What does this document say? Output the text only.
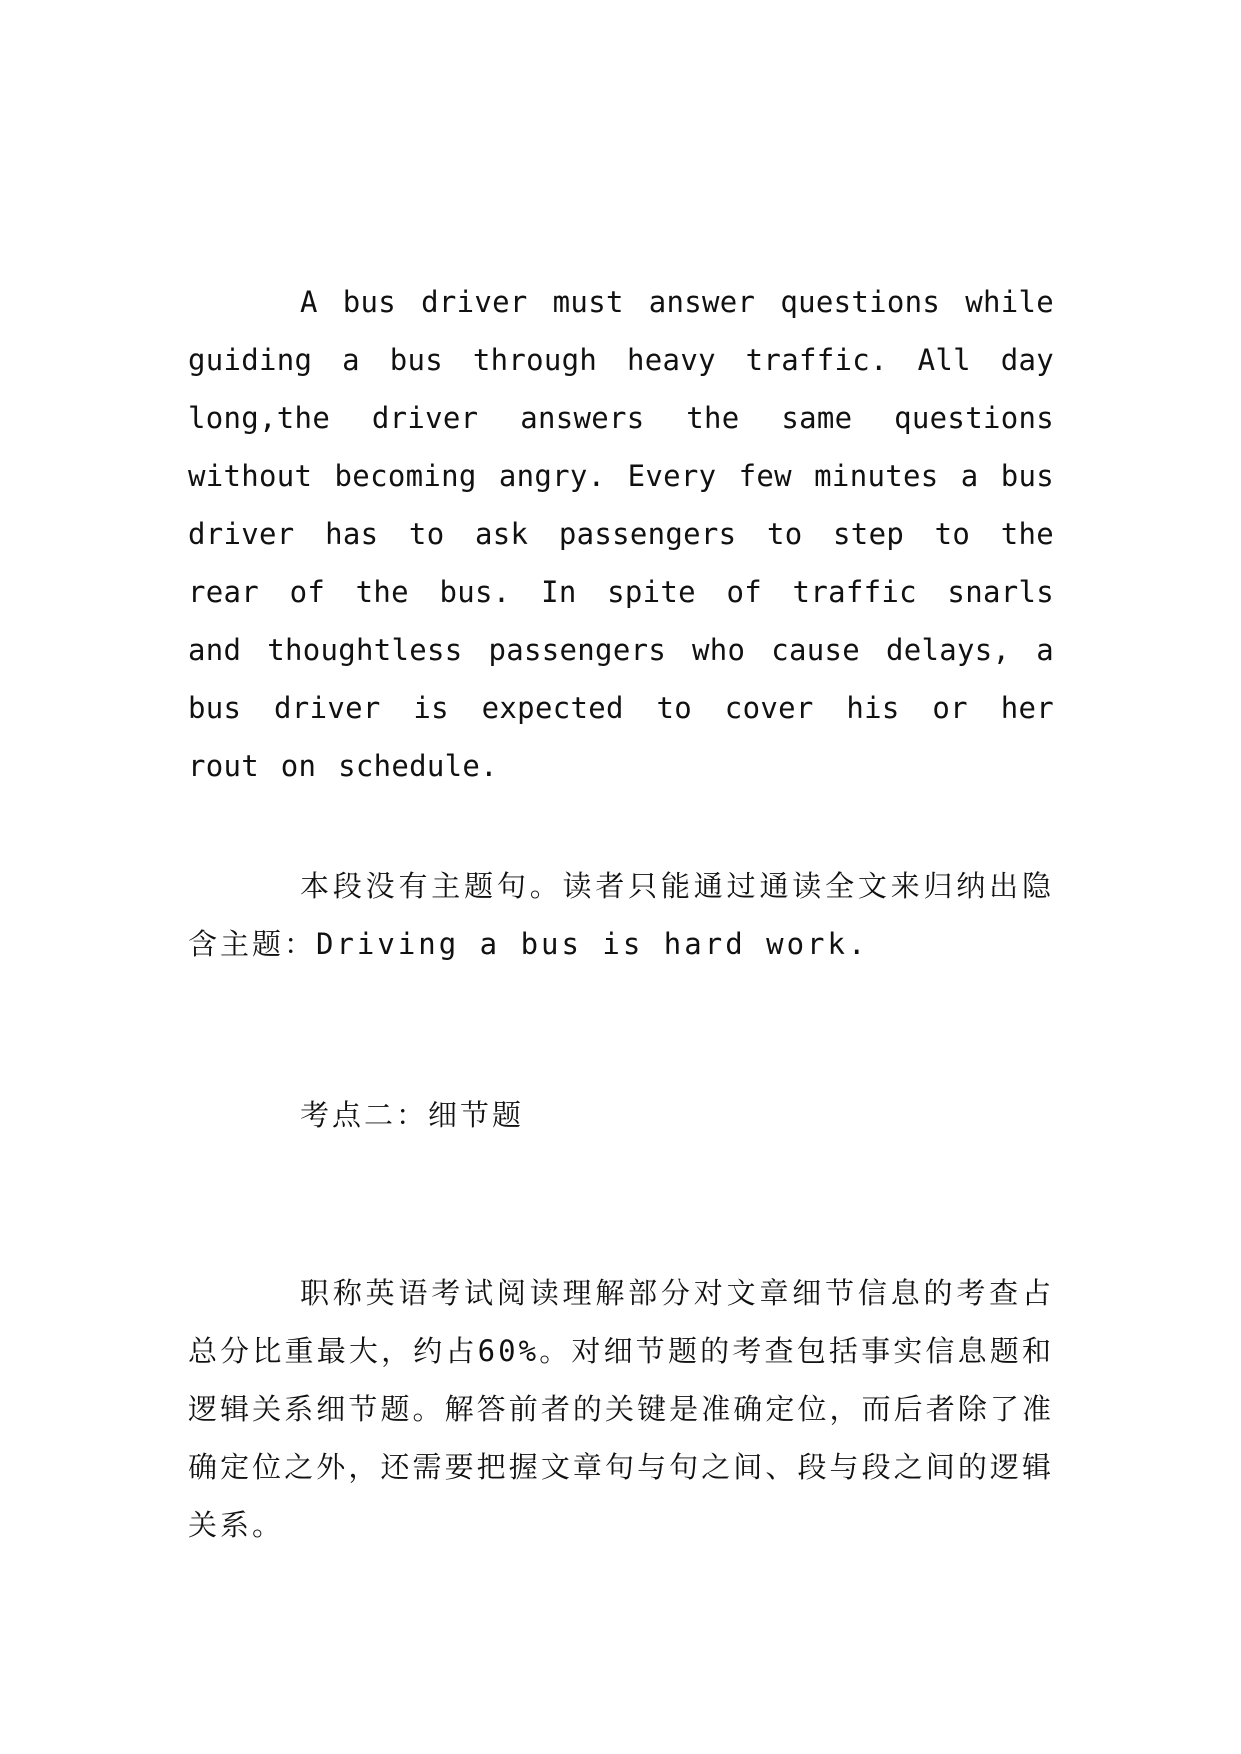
A bus driver must answer questions while guiding a bus through heavy traffic. All day long,the driver answers the same questions without becoming angry. Every few minutes a bus driver has to ask passengers to step to the rear of the bus. In spite of traffic snarls and thoughtless passengers who cause delays, a bus driver is expected to cover his or her rout on schedule.

本段没有主题句。读者只能通过通读全文来归纳出隐含主题：Driving a bus is hard work.

考点二：细节题

职称英语考试阅读理解部分对文章细节信息的考查占总分比重最大，约占60%。对细节题的考查包括事实信息题和逻辑关系细节题。解答前者的关键是准确定位，而后者除了准确定位之外，还需要把握文章句与句之间、段与段之间的逻辑关系。
